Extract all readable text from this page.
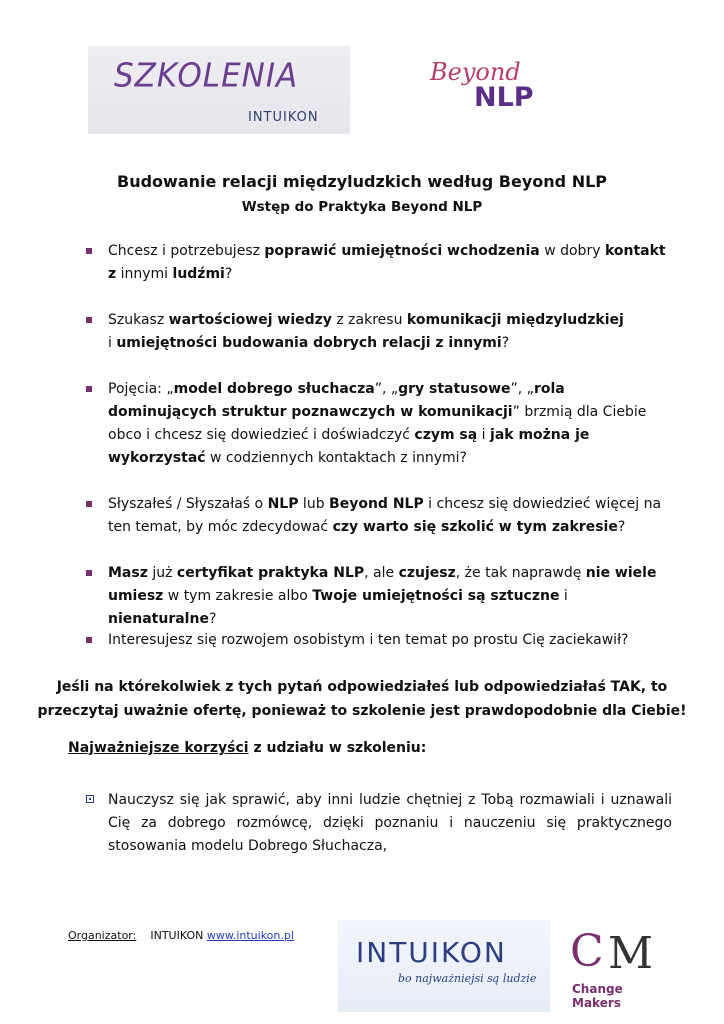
SZKOLENIA
INTUIKON
Beyond
NLP
Budowanie relacji międzyludzkich według Beyond NLP
Wstęp do Praktyka Beyond NLP
Chcesz i potrzebujesz poprawić umiejętności wchodzenia w dobry kontakt
z innymi ludźmi?
Szukasz wartościowej wiedzy z zakresu komunikacji międzyludzkiej
i umiejętności budowania dobrych relacji z innymi?
Pojęcia: „model dobrego słuchacza”, „gry statusowe”, „rola dominujących struktur poznawczych w komunikacji” brzmią dla Ciebie obco i chcesz się dowiedzieć i doświadczyć czym są i jak można je wykorzystać w codziennych kontaktach z innymi?
Słyszałeś / Słyszałaś o NLP lub Beyond NLP i chcesz się dowiedzieć więcej na ten temat, by móc zdecydować czy warto się szkolić w tym zakresie?
Masz już certyfikat praktyka NLP, ale czujesz, że tak naprawdę nie wiele umiesz w tym zakresie albo Twoje umiejętności są sztuczne i nienaturalne?
Interesujesz się rozwojem osobistym i ten temat po prostu Cię zaciekawił?
Jeśli na którekolwiek z tych pytań odpowiedziałeś lub odpowiedziałaś TAK, to
przeczytaj uważnie ofertę, ponieważ to szkolenie jest prawdopodobnie dla Ciebie!
Najważniejsze korzyści z udziału w szkoleniu:
Nauczysz się jak sprawić, aby inni ludzie chętniej z Tobą rozmawiali i uznawali Cię za dobrego rozmówcę, dzięki poznaniu i nauczeniu się praktycznego stosowania modelu Dobrego Słuchacza,
Organizator: INTUIKON www.intuikon.pl
INTUIKON
bo najważniejsi są ludzie
C M
Change
Makers
